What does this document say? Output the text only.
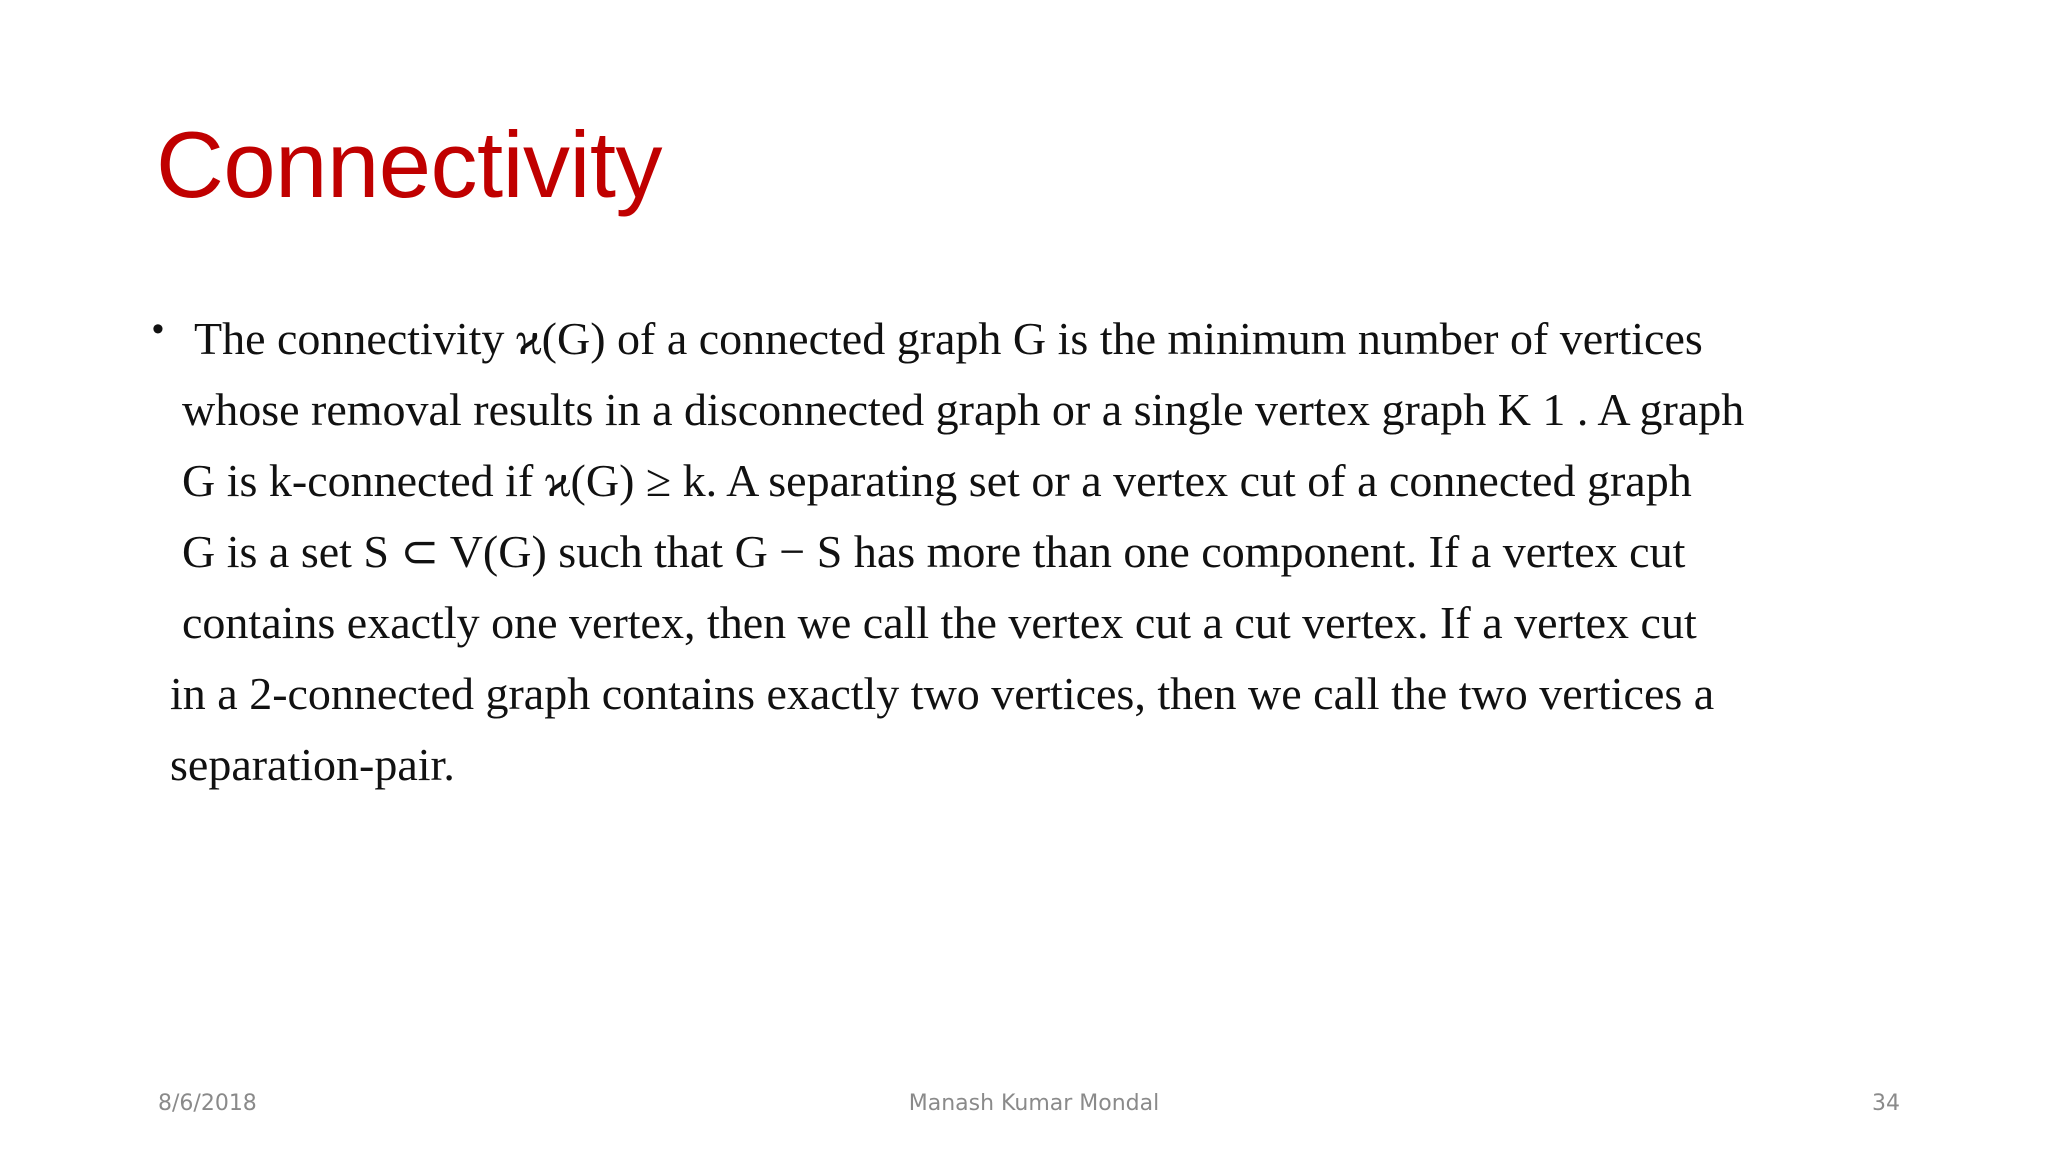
Connectivity
• The connectivity ϰ(G) of a connected graph G is the minimum number of vertices
whose removal results in a disconnected graph or a single vertex graph K 1 . A graph
G is k-connected if ϰ(G) ≥ k. A separating set or a vertex cut of a connected graph
G is a set S ⊂ V(G) such that G − S has more than one component. If a vertex cut
contains exactly one vertex, then we call the vertex cut a cut vertex. If a vertex cut
in a 2-connected graph contains exactly two vertices, then we call the two vertices a
separation-pair.
8/6/2018	Manash Kumar Mondal	34
